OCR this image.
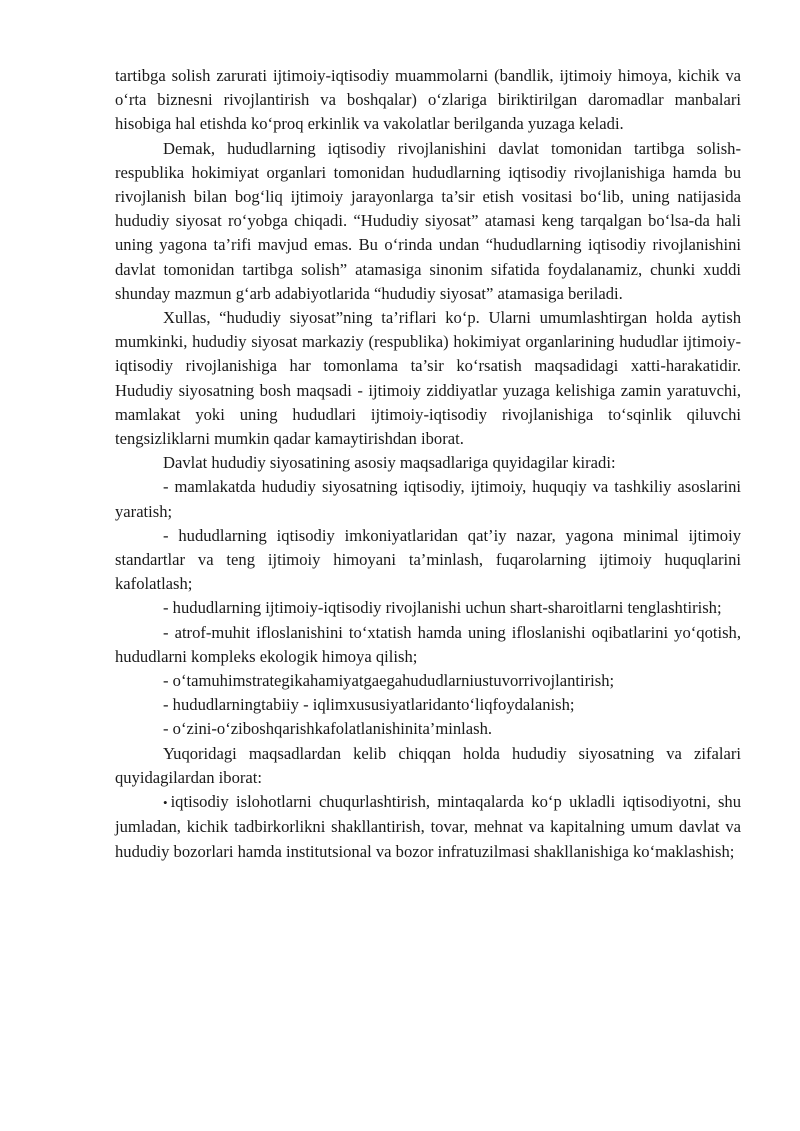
tartibga solish zarurati ijtimoiy-iqtisodiy muammolarni (bandlik, ijtimoiy himoya, kichik va o‘rta biznesni rivojlantirish va boshqalar) o‘zlariga biriktirilgan daromadlar manbalari hisobiga hal etishda ko‘proq erkinlik va vakolatlar berilganda yuzaga keladi.

Demak, hududlarning iqtisodiy rivojlanishini davlat tomonidan tartibga solish-respublika hokimiyat organlari tomonidan hududlarning iqtisodiy rivojlanishiga hamda bu rivojlanish bilan bog‘liq ijtimoiy jarayonlarga ta’sir etish vositasi bo‘lib, uning natijasida hududiy siyosat ro‘yobga chiqadi. “Hududiy siyosat” atamasi keng tarqalgan bo‘lsa-da hali uning yagona ta’rifi mavjud emas. Bu o‘rinda undan “hududlarning iqtisodiy rivojlanishini davlat tomonidan tartibga solish” atamasiga sinonim sifatida foydalanamiz, chunki xuddi shunday mazmun g‘arb adabiyotlarida “hududiy siyosat” atamasiga beriladi.

Xullas, “hududiy siyosat”ning ta’riflari ko‘p. Ularni umumlashtirgan holda aytish mumkinki, hududiy siyosat markaziy (respublika) hokimiyat organlarining hududlar ijtimoiy-iqtisodiy rivojlanishiga har tomonlama ta’sir ko‘rsatish maqsadidagi xatti-harakatidir. Hududiy siyosatning bosh maqsadi - ijtimoiy ziddiyatlar yuzaga kelishiga zamin yaratuvchi, mamlakat yoki uning hududlari ijtimoiy-iqtisodiy rivojlanishiga to‘sqinlik qiluvchi tengsizliklarni mumkin qadar kamaytirishdan iborat.

Davlat hududiy siyosatining asosiy maqsadlariga quyidagilar kiradi:

- mamlakatda hududiy siyosatning iqtisodiy, ijtimoiy, huquqiy va tashkiliy asoslarini yaratish;

- hududlarning iqtisodiy imkoniyatlaridan qat’iy nazar, yagona minimal ijtimoiy standartlar va teng ijtimoiy himoyani ta’minlash, fuqarolarning ijtimoiy huquqlarini kafolatlash;

- hududlarning ijtimoiy-iqtisodiy rivojlanishi uchun shart-sharoitlarni tenglashtirish;

- atrof-muhit ifloslanishini to‘xtatish hamda uning ifloslanishi oqibatlarini yo‘qotish, hududlarni kompleks ekologik himoya qilish;

- o‘tamuhimstrategikahamiyatgaegahududlarniustuvorrivojlantirish;

- hududlarningtabiiy - iqlimxususiyatlaridanto‘liqfoydalanish;

- o‘zini-o‘ziboshqarishkafolatlanishinita’minlash.

Yuqoridagi maqsadlardan kelib chiqqan holda hududiy siyosatning va zifalari quyidagilardan iborat:

• iqtisodiy islohotlarni chuqurlashtirish, mintaqalarda ko‘p ukladli iqtisodiyotni, shu jumladan, kichik tadbirkorlikni shakllantirish, tovar, mehnat va kapitalning umum davlat va hududiy bozorlari hamda institutsional va bozor infratuzilmasi shakllanishiga ko‘maklashish;
